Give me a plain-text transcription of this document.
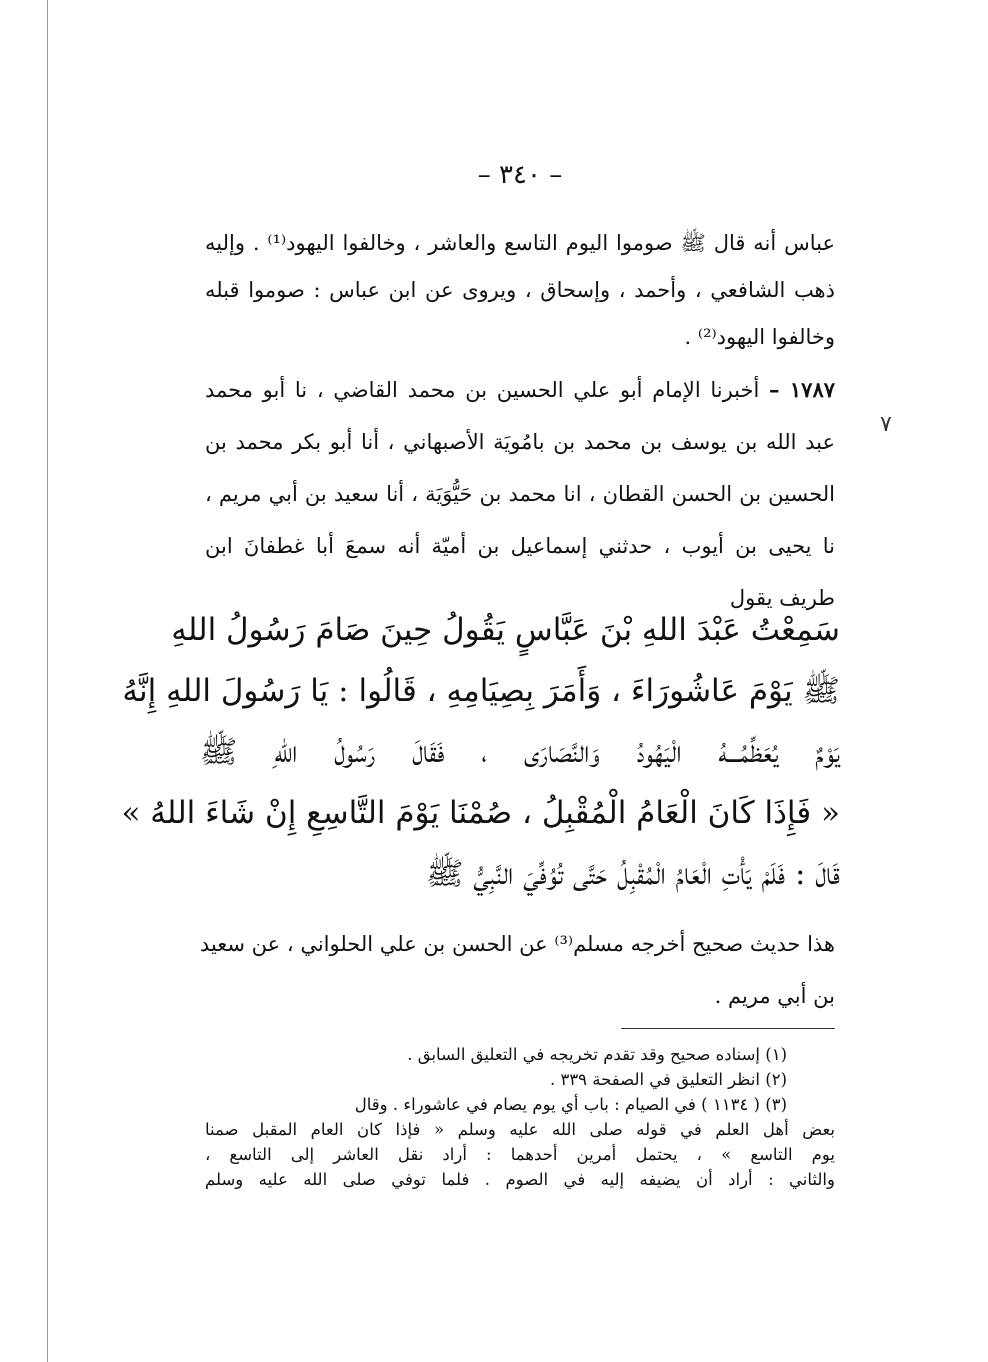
٧
– ٣٤٠ –
عباس أنه قال ﷺ صوموا اليوم التاسع والعاشر ، وخالفوا اليهود⁽¹⁾ . وإليه
ذهب الشافعي ، وأحمد ، وإسحاق ، ويروى عن ابن عباس : صوموا قبله
وخالفوا اليهود⁽²⁾ .
١٧٨٧ – أخبرنا الإمام أبو علي الحسين بن محمد القاضي ، نا أبو محمد
عبد الله بن يوسف بن محمد بن بامُويَة الأصبهاني ، أنا أبو بكر محمد بن
الحسين بن الحسن القطان ، انا محمد بن حَيُّوَيَة ، أنا سعيد بن أبي مريم ،
نا يحيى بن أيوب ، حدثني إسماعيل بن أميّة أنه سمعَ أبا غطفانَ ابن
طريف يقول
سَمِعْتُ عَبْدَ اللهِ بْنَ عَبَّاسٍ يَقُولُ حِينَ صَامَ رَسُولُ اللهِ
ﷺ يَوْمَ عَاشُورَاءَ ، وَأَمَرَ بِصِيَامِهِ ، قَالُوا : يَا رَسُولَ اللهِ إِنَّهُ
يَوْمٌ يُعَظِّمُـــهُ الْيَهُودُ وَالنَّصَارَى ، فَقَالَ رَسُولُ اللهِ ﷺ
« فَإِذَا كَانَ الْعَامُ الْمُقْبِلُ ، صُمْنَا يَوْمَ التَّاسِعِ إِنْ شَاءَ اللهُ »
قَالَ : فَلَمْ يَأْتِ الْعَامُ الْمُقْبِلُ حَتَّى تُوُفِّيَ النَّبِيُّ ﷺ
هذا حديث صحيح أخرجه مسلم⁽³⁾ عن الحسن بن علي الحلواني ، عن سعيد
بن أبي مريم .
(١) إسناده صحيح وقد تقدم تخريجه في التعليق السابق .
(٢) انظر التعليق في الصفحة ٣٣٩ .
(٣) ( ١١٣٤ ) في الصيام : باب أي يوم يصام في عاشوراء . وقال
بعض أهل العلم في قوله صلى الله عليه وسلم « فإذا كان العام المقبل صمنا
يوم التاسع » ، يحتمل أمرين أحدهما : أراد نقل العاشر إلى التاسع ،
والثاني : أراد أن يضيفه إليه في الصوم . فلما توفي صلى الله عليه وسلم
